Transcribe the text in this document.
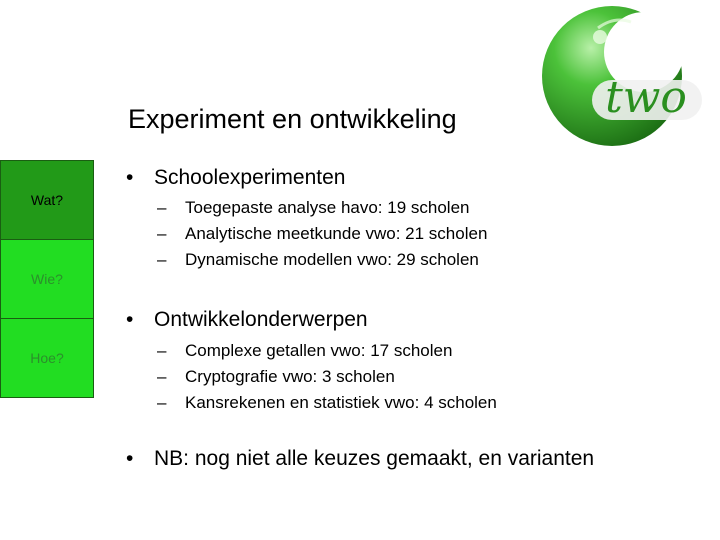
two
Experiment en ontwikkeling
Wat?
Wie?
Hoe?
• Schoolexperimenten
– Toegepaste analyse havo: 19 scholen
– Analytische meetkunde vwo: 21 scholen
– Dynamische modellen vwo: 29 scholen
• Ontwikkelonderwerpen
– Complexe getallen vwo: 17 scholen
– Cryptografie vwo: 3 scholen
– Kansrekenen en statistiek vwo: 4 scholen
• NB: nog niet alle keuzes gemaakt, en varianten
